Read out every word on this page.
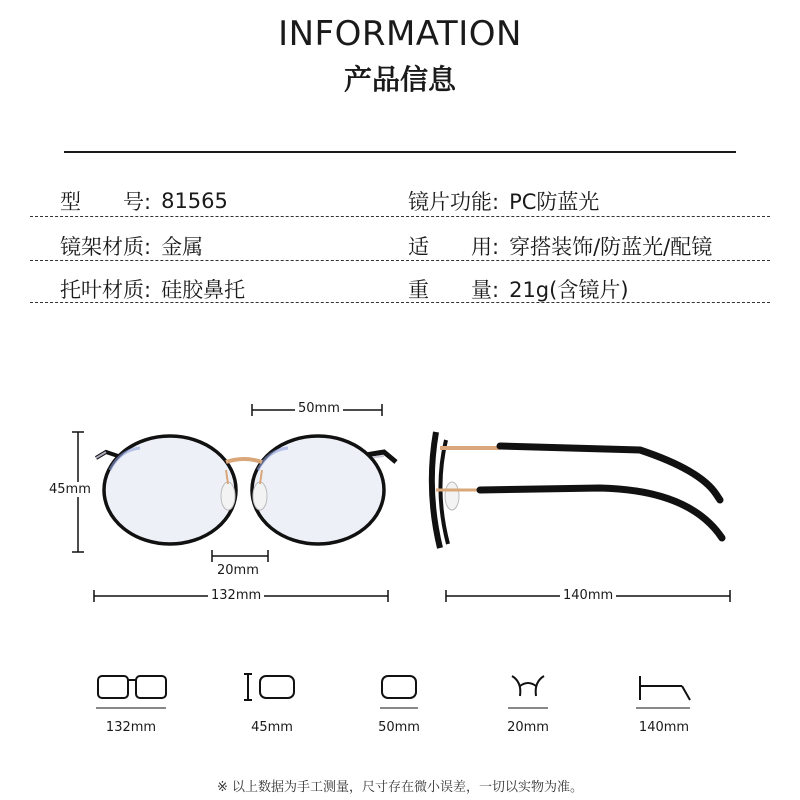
INFORMATION
产品信息
型　　号: 81565	镜片功能: PC防蓝光
镜架材质: 金属	适　　用: 穿搭装饰/防蓝光/配镜
托叶材质: 硅胶鼻托	重　　量: 21g(含镜片)
50mm
45mm
20mm
132mm	140mm
132mm	45mm	50mm	20mm	140mm
※ 以上数据为手工测量，尺寸存在微小误差，一切以实物为准。
